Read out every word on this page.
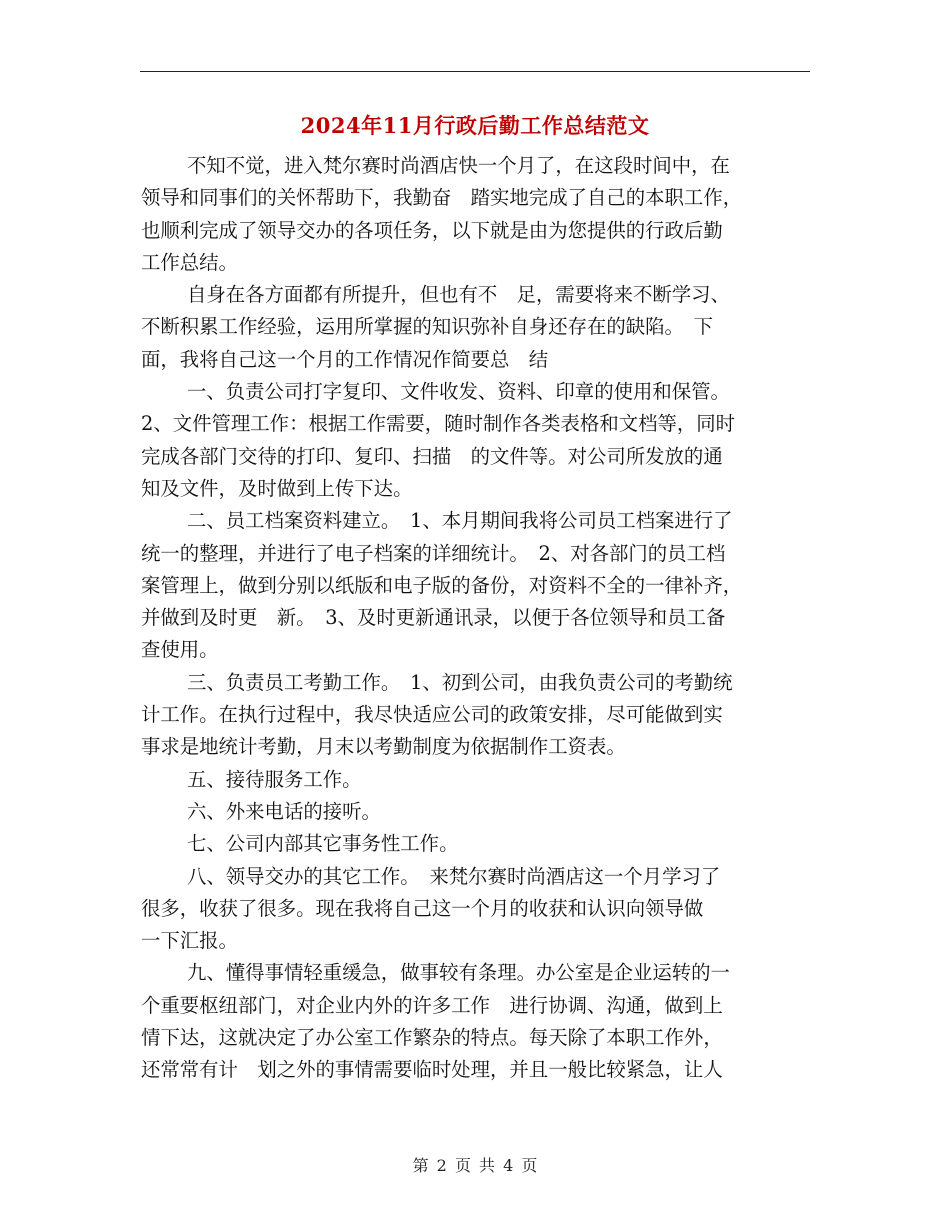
2024年11月行政后勤工作总结范文
不知不觉，进入梵尔赛时尚酒店快一个月了，在这段时间中，在
领导和同事们的关怀帮助下，我勤奋　踏实地完成了自己的本职工作，
也顺利完成了领导交办的各项任务，以下就是由为您提供的行政后勤
工作总结。
自身在各方面都有所提升，但也有不　足，需要将来不断学习、
不断积累工作经验，运用所掌握的知识弥补自身还存在的缺陷。　下
面，我将自己这一个月的工作情况作简要总　结
一、负责公司打字复印、文件收发、资料、印章的使用和保管。
2、文件管理工作：根据工作需要，随时制作各类表格和文档等，同时
完成各部门交待的打印、复印、扫描　的文件等。对公司所发放的通
知及文件，及时做到上传下达。
二、员工档案资料建立。　1、本月期间我将公司员工档案进行了
统一的整理，并进行了电子档案的详细统计。　2、对各部门的员工档
案管理上，做到分别以纸版和电子版的备份，对资料不全的一律补齐，
并做到及时更　新。　3、及时更新通讯录，以便于各位领导和员工备
查使用。
三、负责员工考勤工作。　1、初到公司，由我负责公司的考勤统
计工作。在执行过程中，我尽快适应公司的政策安排，尽可能做到实
事求是地统计考勤，月末以考勤制度为依据制作工资表。
五、接待服务工作。
六、外来电话的接听。
七、公司内部其它事务性工作。
八、领导交办的其它工作。　来梵尔赛时尚酒店这一个月学习了
很多，收获了很多。现在我将自己这一个月的收获和认识向领导做
一下汇报。
九、懂得事情轻重缓急，做事较有条理。办公室是企业运转的一
个重要枢纽部门，对企业内外的许多工作　进行协调、沟通，做到上
情下达，这就决定了办公室工作繁杂的特点。每天除了本职工作外，
还常常有计　划之外的事情需要临时处理，并且一般比较紧急，让人
第 2 页 共 4 页
